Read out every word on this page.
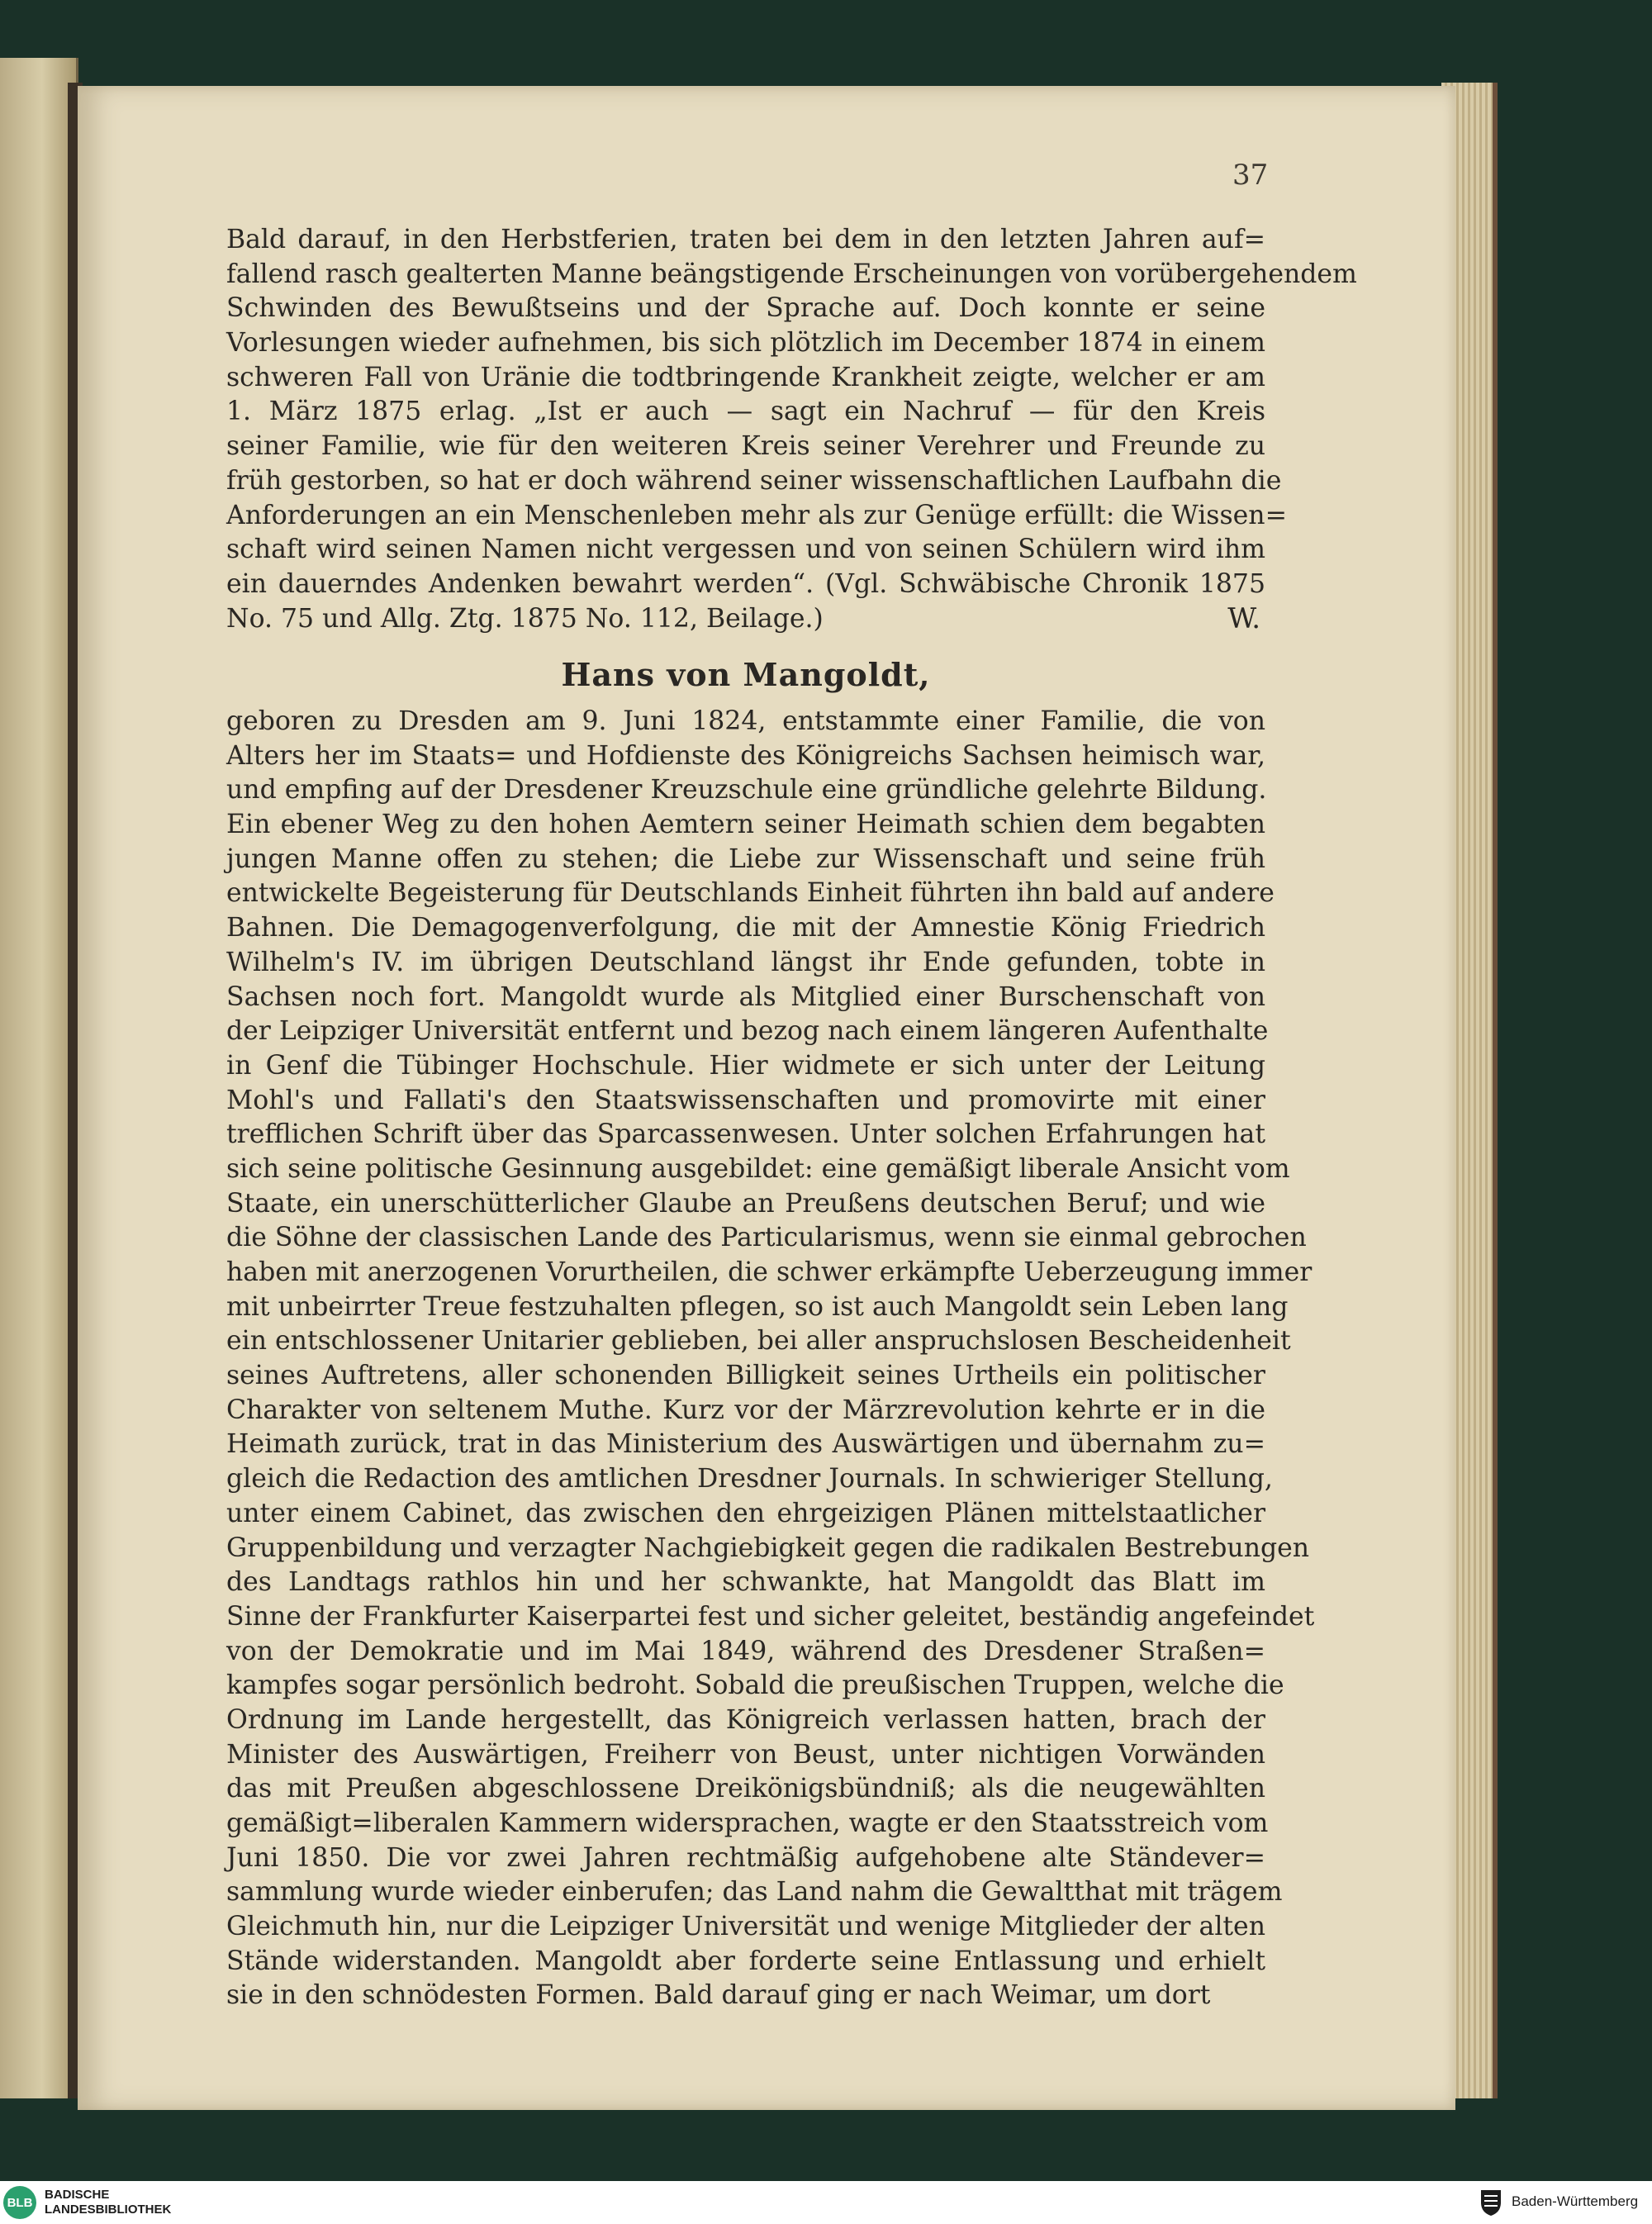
37
Bald darauf, in den Herbstferien, traten bei dem in den letzten Jahren auf=
fallend rasch gealterten Manne beängstigende Erscheinungen von vorübergehendem
Schwinden des Bewußtseins und der Sprache auf. Doch konnte er seine
Vorlesungen wieder aufnehmen, bis sich plötzlich im December 1874 in einem
schweren Fall von Uränie die todtbringende Krankheit zeigte, welcher er am
1. März 1875 erlag. „Ist er auch — sagt ein Nachruf — für den Kreis
seiner Familie, wie für den weiteren Kreis seiner Verehrer und Freunde zu
früh gestorben, so hat er doch während seiner wissenschaftlichen Laufbahn die
Anforderungen an ein Menschenleben mehr als zur Genüge erfüllt: die Wissen=
schaft wird seinen Namen nicht vergessen und von seinen Schülern wird ihm
ein dauerndes Andenken bewahrt werden“. (Vgl. Schwäbische Chronik 1875
No. 75 und Allg. Ztg. 1875 No. 112, Beilage.)	W.
Hans von Mangoldt,
geboren zu Dresden am 9. Juni 1824, entstammte einer Familie, die von
Alters her im Staats= und Hofdienste des Königreichs Sachsen heimisch war,
und empfing auf der Dresdener Kreuzschule eine gründliche gelehrte Bildung.
Ein ebener Weg zu den hohen Aemtern seiner Heimath schien dem begabten
jungen Manne offen zu stehen; die Liebe zur Wissenschaft und seine früh
entwickelte Begeisterung für Deutschlands Einheit führten ihn bald auf andere
Bahnen. Die Demagogenverfolgung, die mit der Amnestie König Friedrich
Wilhelm's IV. im übrigen Deutschland längst ihr Ende gefunden, tobte in
Sachsen noch fort. Mangoldt wurde als Mitglied einer Burschenschaft von
der Leipziger Universität entfernt und bezog nach einem längeren Aufenthalte
in Genf die Tübinger Hochschule. Hier widmete er sich unter der Leitung
Mohl's und Fallati's den Staatswissenschaften und promovirte mit einer
trefflichen Schrift über das Sparcassenwesen. Unter solchen Erfahrungen hat
sich seine politische Gesinnung ausgebildet: eine gemäßigt liberale Ansicht vom
Staate, ein unerschütterlicher Glaube an Preußens deutschen Beruf; und wie
die Söhne der classischen Lande des Particularismus, wenn sie einmal gebrochen
haben mit anerzogenen Vorurtheilen, die schwer erkämpfte Ueberzeugung immer
mit unbeirrter Treue festzuhalten pflegen, so ist auch Mangoldt sein Leben lang
ein entschlossener Unitarier geblieben, bei aller anspruchslosen Bescheidenheit
seines Auftretens, aller schonenden Billigkeit seines Urtheils ein politischer
Charakter von seltenem Muthe. Kurz vor der Märzrevolution kehrte er in die
Heimath zurück, trat in das Ministerium des Auswärtigen und übernahm zu=
gleich die Redaction des amtlichen Dresdner Journals. In schwieriger Stellung,
unter einem Cabinet, das zwischen den ehrgeizigen Plänen mittelstaatlicher
Gruppenbildung und verzagter Nachgiebigkeit gegen die radikalen Bestrebungen
des Landtags rathlos hin und her schwankte, hat Mangoldt das Blatt im
Sinne der Frankfurter Kaiserpartei fest und sicher geleitet, beständig angefeindet
von der Demokratie und im Mai 1849, während des Dresdener Straßen=
kampfes sogar persönlich bedroht. Sobald die preußischen Truppen, welche die
Ordnung im Lande hergestellt, das Königreich verlassen hatten, brach der
Minister des Auswärtigen, Freiherr von Beust, unter nichtigen Vorwänden
das mit Preußen abgeschlossene Dreikönigsbündniß; als die neugewählten
gemäßigt=liberalen Kammern widersprachen, wagte er den Staatsstreich vom
Juni 1850. Die vor zwei Jahren rechtmäßig aufgehobene alte Ständever=
sammlung wurde wieder einberufen; das Land nahm die Gewaltthat mit trägem
Gleichmuth hin, nur die Leipziger Universität und wenige Mitglieder der alten
Stände widerstanden. Mangoldt aber forderte seine Entlassung und erhielt
sie in den schnödesten Formen. Bald darauf ging er nach Weimar, um dort
BLB
BADISCHE
LANDESBIBLIOTHEK
Baden-Württemberg
